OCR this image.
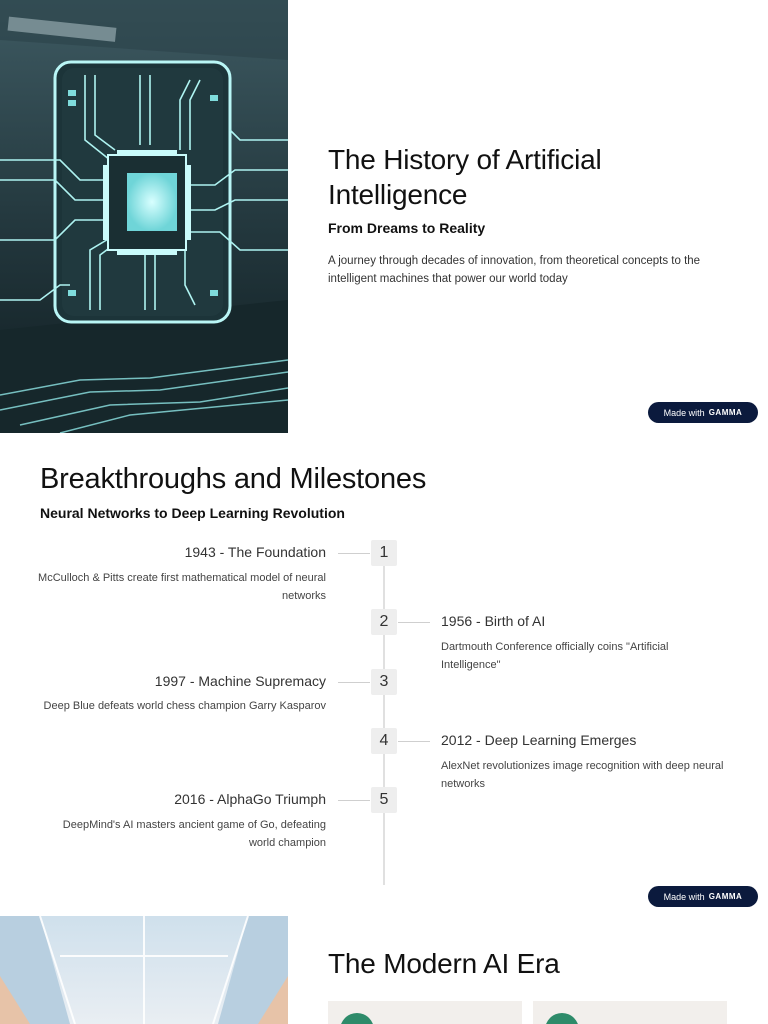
The History of Artificial Intelligence
From Dreams to Reality

A journey through decades of innovation, from theoretical concepts to the intelligent machines that power our world today

Made with GAMMA
Breakthroughs and Milestones
Neural Networks to Deep Learning Revolution
1
1943 - The Foundation
McCulloch & Pitts create first mathematical model of neural networks
2	1956 - Birth of AI
Dartmouth Conference officially coins "Artificial Intelligence"
3
1997 - Machine Supremacy
Deep Blue defeats world chess champion Garry Kasparov
4	2012 - Deep Learning Emerges
AlexNet revolutionizes image recognition with deep neural networks
5
2016 - AlphaGo Triumph
DeepMind's AI masters ancient game of Go, defeating world champion
Made with GAMMA
The Modern AI Era
